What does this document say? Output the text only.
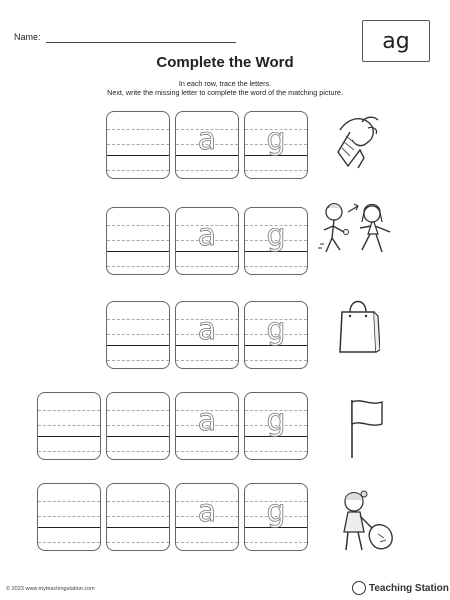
Name:	ag
Complete the Word
In each row, trace the letters.
Next, write the missing letter to complete the word of the matching picture.
a	g
a	g
a	g
a	g
a	g
© 2023 www.myteachingstation.com	Teaching Station
